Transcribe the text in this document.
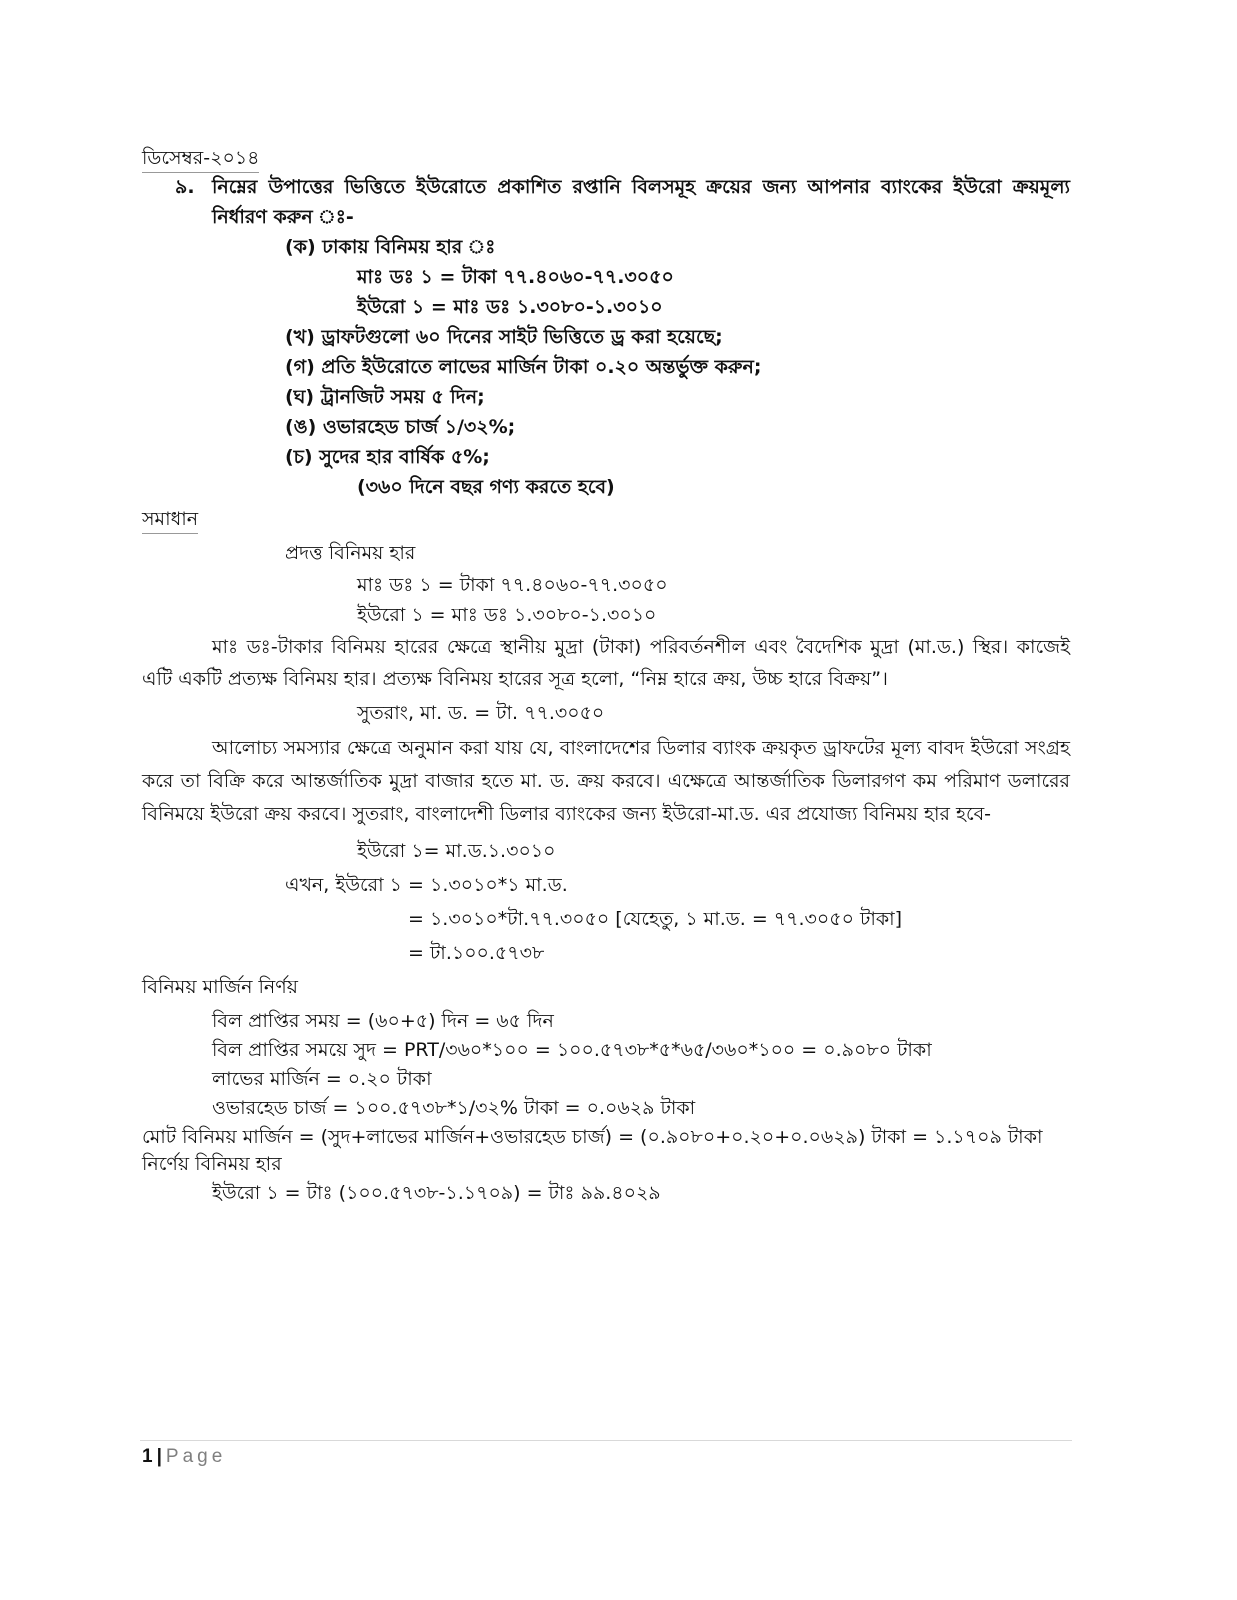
ডিসেম্বর-২০১৪
৯. নিম্নের উপাত্তের ভিত্তিতে ইউরোতে প্রকাশিত রপ্তানি বিলসমূহ ক্রয়ের জন্য আপনার ব্যাংকের ইউরো ক্রয়মূল্য
নির্ধারণ করুন ঃ-
(ক) ঢাকায় বিনিময় হার ঃ
মাঃ ডঃ ১ = টাকা ৭৭.৪০৬০-৭৭.৩০৫০
ইউরো ১ = মাঃ ডঃ ১.৩০৮০-১.৩০১০
(খ) ড্রাফটগুলো ৬০ দিনের সাইট ভিত্তিতে ড্র করা হয়েছে;
(গ) প্রতি ইউরোতে লাভের মার্জিন টাকা ০.২০ অন্তর্ভুক্ত করুন;
(ঘ) ট্রানজিট সময় ৫ দিন;
(ঙ) ওভারহেড চার্জ ১/৩২%;
(চ) সুদের হার বার্ষিক ৫%;
(৩৬০ দিনে বছর গণ্য করতে হবে)
সমাধান
প্রদত্ত বিনিময় হার
মাঃ ডঃ ১ = টাকা ৭৭.৪০৬০-৭৭.৩০৫০
ইউরো ১ = মাঃ ডঃ ১.৩০৮০-১.৩০১০
মাঃ ডঃ-টাকার বিনিময় হারের ক্ষেত্রে স্থানীয় মুদ্রা (টাকা) পরিবর্তনশীল এবং বৈদেশিক মুদ্রা (মা.ড.) স্থির। কাজেই
এটি একটি প্রত্যক্ষ বিনিময় হার। প্রত্যক্ষ বিনিময় হারের সূত্র হলো, “নিম্ন হারে ক্রয়, উচ্চ হারে বিক্রয়”।
সুতরাং, মা. ড. = টা. ৭৭.৩০৫০
আলোচ্য সমস্যার ক্ষেত্রে অনুমান করা যায় যে, বাংলাদেশের ডিলার ব্যাংক ক্রয়কৃত ড্রাফটের মূল্য বাবদ ইউরো সংগ্রহ
করে তা বিক্রি করে আন্তর্জাতিক মুদ্রা বাজার হতে মা. ড. ক্রয় করবে। এক্ষেত্রে আন্তর্জাতিক ডিলারগণ কম পরিমাণ ডলারের
বিনিময়ে ইউরো ক্রয় করবে। সুতরাং, বাংলাদেশী ডিলার ব্যাংকের জন্য ইউরো-মা.ড. এর প্রযোজ্য বিনিময় হার হবে-
ইউরো ১= মা.ড.১.৩০১০
এখন, ইউরো ১ = ১.৩০১০*১ মা.ড.
= ১.৩০১০*টা.৭৭.৩০৫০ [যেহেতু, ১ মা.ড. = ৭৭.৩০৫০ টাকা]
= টা.১০০.৫৭৩৮
বিনিময় মার্জিন নির্ণয়
বিল প্রাপ্তির সময় = (৬০+৫) দিন = ৬৫ দিন
বিল প্রাপ্তির সময়ে সুদ = PRT/৩৬০*১০০ = ১০০.৫৭৩৮*৫*৬৫/৩৬০*১০০ = ০.৯০৮০ টাকা
লাভের মার্জিন = ০.২০ টাকা
ওভারহেড চার্জ = ১০০.৫৭৩৮*১/৩২% টাকা = ০.০৬২৯ টাকা
মোট বিনিময় মার্জিন = (সুদ+লাভের মার্জিন+ওভারহেড চার্জ) = (০.৯০৮০+০.২০+০.০৬২৯) টাকা = ১.১৭০৯ টাকা
নির্ণেয় বিনিময় হার
ইউরো ১ = টাঃ (১০০.৫৭৩৮-১.১৭০৯) = টাঃ ৯৯.৪০২৯
1 | Page
